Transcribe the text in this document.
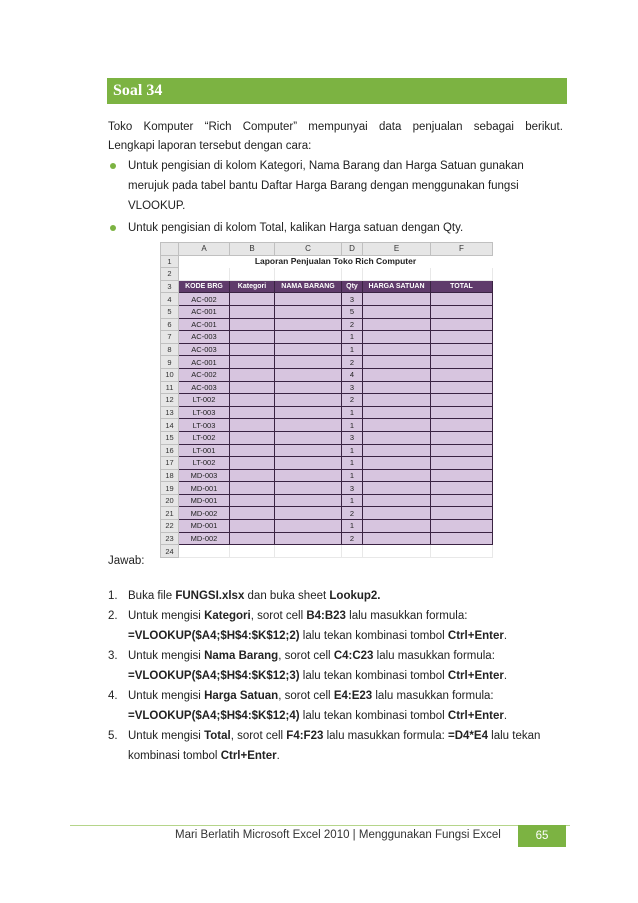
Soal 34
Toko Komputer “Rich Computer” mempunyai data penjualan sebagai berikut.
Lengkapi laporan tersebut dengan cara:
Untuk pengisian di kolom Kategori, Nama Barang dan Harga Satuan gunakan merujuk pada tabel bantu Daftar Harga Barang dengan menggunakan fungsi VLOOKUP.
Untuk pengisian di kolom Total, kalikan Harga satuan dengan Qty.
	A	B	C	D	E	F
1	Laporan Penjualan Toko Rich Computer					
2						
3	KODE BRG	Kategori	NAMA BARANG	Qty	HARGA SATUAN	TOTAL
4	AC-002			3		
5	AC-001			5		
6	AC-001			2		
7	AC-003			1		
8	AC-003			1		
9	AC-001			2		
10	AC-002			4		
11	AC-003			3		
12	LT-002			2		
13	LT-003			1		
14	LT-003			1		
15	LT-002			3		
16	LT-001			1		
17	LT-002			1		
18	MD-003			1		
19	MD-001			3		
20	MD-001			1		
21	MD-002			2		
22	MD-001			1		
23	MD-002			2		
24						
Jawab:
1. Buka file FUNGSI.xlsx dan buka sheet Lookup2.
2. Untuk mengisi Kategori, sorot cell B4:B23 lalu masukkan formula:
=VLOOKUP($A4;$H$4:$K$12;2) lalu tekan kombinasi tombol Ctrl+Enter.
3. Untuk mengisi Nama Barang, sorot cell C4:C23 lalu masukkan formula:
=VLOOKUP($A4;$H$4:$K$12;3) lalu tekan kombinasi tombol Ctrl+Enter.
4. Untuk mengisi Harga Satuan, sorot cell E4:E23 lalu masukkan formula:
=VLOOKUP($A4;$H$4:$K$12;4) lalu tekan kombinasi tombol Ctrl+Enter.
5. Untuk mengisi Total, sorot cell F4:F23 lalu masukkan formula: =D4*E4 lalu tekan
kombinasi tombol Ctrl+Enter.
Mari Berlatih Microsoft Excel 2010 | Menggunakan Fungsi Excel	65
